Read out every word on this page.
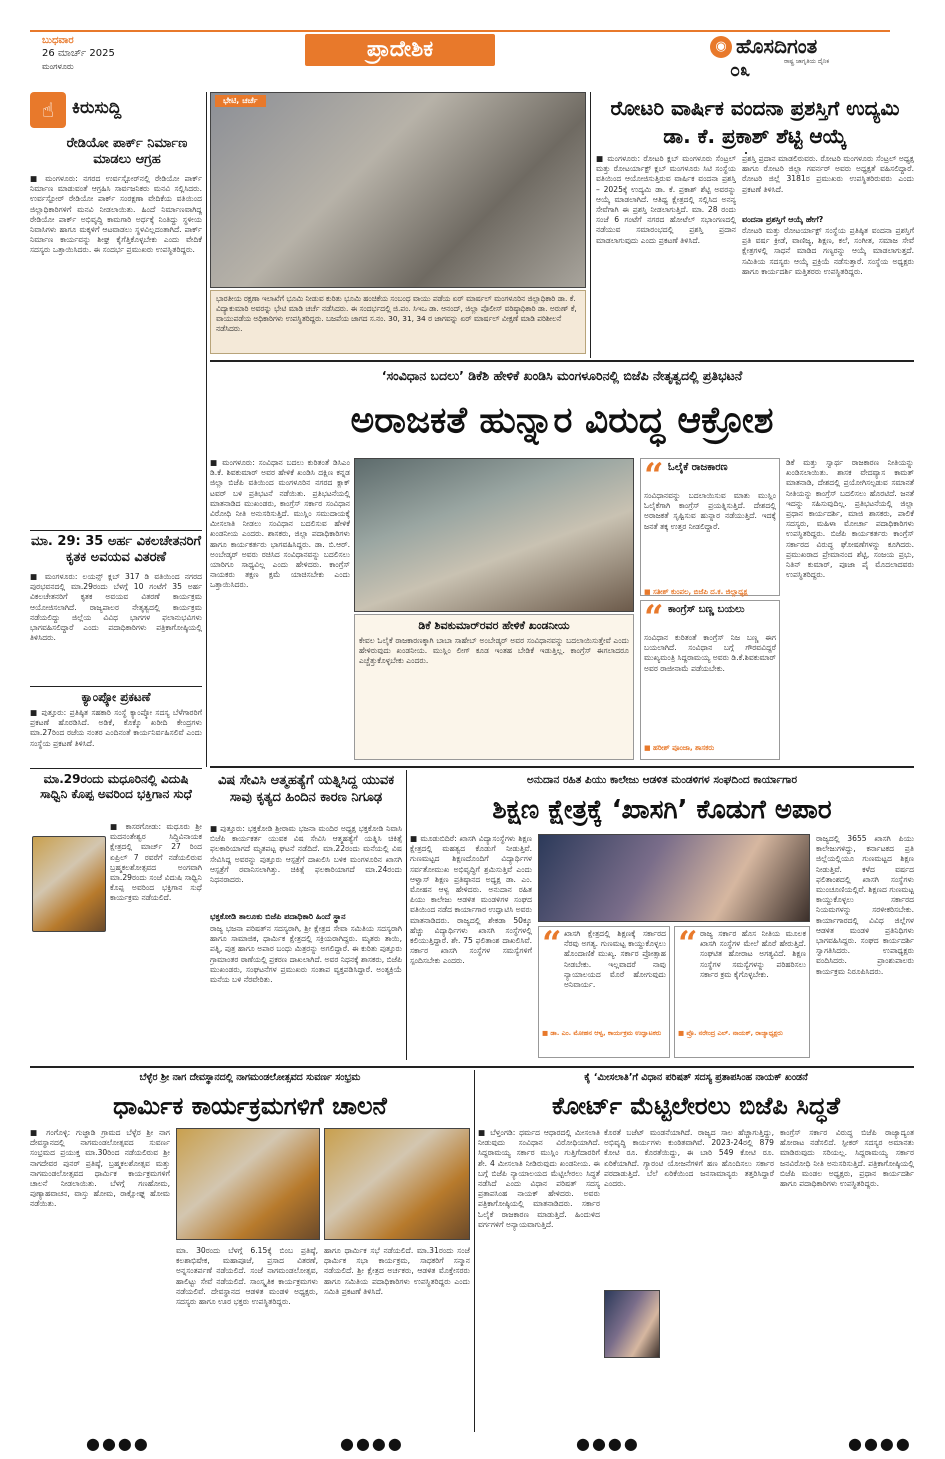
ಬುಧವಾರ
26 ಮಾರ್ಚ್ 2025
ಮಂಗಳೂರು
ಪ್ರಾದೇಶಿಕ	◉ ಹೊಸದಿಗಂತ
ರಾಷ್ಟ್ರ ಜಾಗೃತಿಯ ದೈನಿಕ
೦೩
☝	ಕಿರುಸುದ್ದಿ
ರೇಡಿಯೋ ಪಾರ್ಕ್ ನಿರ್ಮಾಣ ಮಾಡಲು ಆಗ್ರಹ
■ ಮಂಗಳೂರು: ನಗರದ ಉರ್ವಸ್ಟೋರ್‌ನಲ್ಲಿ ರೇಡಿಯೋ ಪಾರ್ಕ್ ನಿರ್ಮಾಣ ಮಾಡುವಂತೆ ಆಗ್ರಹಿಸಿ ಸಾರ್ವಜನಿಕರು ಮನವಿ ಸಲ್ಲಿಸಿದರು. ಉರ್ವಸ್ಟೋರ್ ರೇಡಿಯೋ ಪಾರ್ಕ್ ಸಂರಕ್ಷಣಾ ವೇದಿಕೆಯ ವತಿಯಿಂದ ಜಿಲ್ಲಾಧಿಕಾರಿಗಳಿಗೆ ಮನವಿ ನೀಡಲಾಯಿತು. ಹಿಂದೆ ನಿರ್ಮಾಣವಾಗಿದ್ದ ರೇಡಿಯೋ ಪಾರ್ಕ್ ಅಭಿವೃದ್ಧಿ ಕಾಮಗಾರಿ ಅರ್ಧಕ್ಕೆ ನಿಂತಿದ್ದು ಸ್ಥಳೀಯ ನಿವಾಸಿಗಳು ಹಾಗೂ ಮಕ್ಕಳಿಗೆ ಆಟವಾಡಲು ಸ್ಥಳವಿಲ್ಲದಂತಾಗಿದೆ. ಪಾರ್ಕ್ ನಿರ್ಮಾಣ ಕಾರ್ಯವನ್ನು ಶೀಘ್ರ ಕೈಗೆತ್ತಿಕೊಳ್ಳಬೇಕು ಎಂದು ವೇದಿಕೆ ಸದಸ್ಯರು ಒತ್ತಾಯಿಸಿದರು. ಈ ಸಂದರ್ಭ ಪ್ರಮುಖರು ಉಪಸ್ಥಿತರಿದ್ದರು.
ಮಾ. 29: 35 ಅರ್ಹ ವಿಕಲಚೇತನರಿಗೆ ಕೃತಕ ಅವಯವ ವಿತರಣೆ
■ ಮಂಗಳೂರು: ಲಯನ್ಸ್ ಕ್ಲಬ್ 317 ಡಿ ವತಿಯಿಂದ ನಗರದ ಪುರಭವನದಲ್ಲಿ ಮಾ.29ರಂದು ಬೆಳಗ್ಗೆ 10 ಗಂಟೆಗೆ 35 ಅರ್ಹ ವಿಕಲಚೇತನರಿಗೆ ಕೃತಕ ಅವಯವ ವಿತರಣೆ ಕಾರ್ಯಕ್ರಮ ಆಯೋಜಿಸಲಾಗಿದೆ. ರಾಜ್ಯಪಾಲರ ನೇತೃತ್ವದಲ್ಲಿ ಕಾರ್ಯಕ್ರಮ ನಡೆಯಲಿದ್ದು ಜಿಲ್ಲೆಯ ವಿವಿಧ ಭಾಗಗಳ ಫಲಾನುಭವಿಗಳು ಭಾಗವಹಿಸಲಿದ್ದಾರೆ ಎಂದು ಪದಾಧಿಕಾರಿಗಳು ಪತ್ರಿಕಾಗೋಷ್ಠಿಯಲ್ಲಿ ತಿಳಿಸಿದರು.
ಕ್ಯಾಂಪ್ಕೋ ಪ್ರಕಟಣೆ
■ ಪುತ್ತೂರು: ಪ್ರತಿಷ್ಠಿತ ಸಹಕಾರಿ ಸಂಸ್ಥೆ ಕ್ಯಾಂಪ್ಕೋ ಸದಸ್ಯ ಬೆಳೆಗಾರರಿಗೆ ಪ್ರಕಟಣೆ ಹೊರಡಿಸಿದೆ. ಅಡಿಕೆ, ಕೊಕ್ಕೊ ಖರೀದಿ ಕೇಂದ್ರಗಳು ಮಾ.27ರಿಂದ ರಜೆಯ ನಂತರ ಎಂದಿನಂತೆ ಕಾರ್ಯನಿರ್ವಹಿಸಲಿವೆ ಎಂದು ಸಂಸ್ಥೆಯ ಪ್ರಕಟಣೆ ತಿಳಿಸಿದೆ.
ಮಾ.29ರಂದು ಮಧೂರಿನಲ್ಲಿ ವಿದುಷಿ ಸಾಧ್ವಿನಿ ಕೊಪ್ಪ ಅವರಿಂದ ಭಕ್ತಿಗಾನ ಸುಧೆ
■ ಕಾಸರಗೋಡು: ಮಧೂರು ಶ್ರೀ ಮದನಂತೇಶ್ವರ ಸಿದ್ಧಿವಿನಾಯಕ ಕ್ಷೇತ್ರದಲ್ಲಿ ಮಾರ್ಚ್ 27 ರಿಂದ ಏಪ್ರಿಲ್ 7 ರವರೆಗೆ ನಡೆಯಲಿರುವ ಬ್ರಹ್ಮಕಲಶೋತ್ಸವದ ಅಂಗವಾಗಿ ಮಾ.29ರಂದು ಸಂಜೆ ವಿದುಷಿ ಸಾಧ್ವಿನಿ ಕೊಪ್ಪ ಅವರಿಂದ ಭಕ್ತಿಗಾನ ಸುಧೆ ಕಾರ್ಯಕ್ರಮ ನಡೆಯಲಿದೆ.
ಭೇಟಿ, ಚರ್ಚೆ
ಭಾರತೀಯ ರಕ್ಷಣಾ ಇಲಾಖೆಗೆ ಭೂಮಿ ನೀಡುವ ಕುರಿತು ಭೂಮಿ ಹಂಚಿಕೆಯ ಸಂಬಂಧ ವಾಯು ಪಡೆಯ ಏರ್ ಮಾರ್ಷಲ್ ಮಂಗಳೂರಿನ ಜಿಲ್ಲಾಧಿಕಾರಿ ಡಾ. ಕೆ. ವಿದ್ಯಾಕುಮಾರಿ ಅವರನ್ನು ಭೇಟಿ ಮಾಡಿ ಚರ್ಚೆ ನಡೆಸಿದರು. ಈ ಸಂದರ್ಭದಲ್ಲಿ ಜಿ.ಪಂ. ಸಿಇಒ ಡಾ. ಆನಂದ್, ಜಿಲ್ಲಾ ಪೊಲೀಸ್ ವರಿಷ್ಠಾಧಿಕಾರಿ ಡಾ. ಅರುಣ್ ಕೆ, ವಾಯುಪಡೆಯ ಅಧಿಕಾರಿಗಳು ಉಪಸ್ಥಿತರಿದ್ದರು. ಬಜಪೆಯ ಜಾಗದ ಸ.ನಂ. 30, 31, 34 ರ ಜಾಗವನ್ನು ಏರ್ ಮಾರ್ಷಲ್ ವೀಕ್ಷಣೆ ಮಾಡಿ ಪರಿಶೀಲನೆ ನಡೆಸಿದರು.
ರೋಟರಿ ವಾರ್ಷಿಕ ವಂದನಾ ಪ್ರಶಸ್ತಿಗೆ ಉದ್ಯಮಿ ಡಾ. ಕೆ. ಪ್ರಕಾಶ್ ಶೆಟ್ಟಿ ಆಯ್ಕೆ
■ ಮಂಗಳೂರು: ರೋಟರಿ ಕ್ಲಬ್ ಮಂಗಳೂರು ಸೆಂಟ್ರಲ್ ಮತ್ತು ರೋಟರ್ಯಾಕ್ಟ್ ಕ್ಲಬ್ ಮಂಗಳೂರು ಸಿಟಿ ಸಂಸ್ಥೆಯ ವತಿಯಿಂದ ಆಯೋಜಿಸುತ್ತಿರುವ ವಾರ್ಷಿಕ ವಂದನಾ ಪ್ರಶಸ್ತಿ – 2025ಕ್ಕೆ ಉದ್ಯಮಿ ಡಾ. ಕೆ. ಪ್ರಕಾಶ್ ಶೆಟ್ಟಿ ಅವರನ್ನು ಆಯ್ಕೆ ಮಾಡಲಾಗಿದೆ. ಆತಿಥ್ಯ ಕ್ಷೇತ್ರದಲ್ಲಿ ಸಲ್ಲಿಸಿದ ಅನನ್ಯ ಸೇವೆಗಾಗಿ ಈ ಪ್ರಶಸ್ತಿ ನೀಡಲಾಗುತ್ತಿದೆ. ಮಾ. 28 ರಂದು ಸಂಜೆ 6 ಗಂಟೆಗೆ ನಗರದ ಹೋಟೆಲ್ ಸಭಾಂಗಣದಲ್ಲಿ ನಡೆಯುವ ಸಮಾರಂಭದಲ್ಲಿ ಪ್ರಶಸ್ತಿ ಪ್ರದಾನ ಮಾಡಲಾಗುವುದು ಎಂದು ಪ್ರಕಟಣೆ ತಿಳಿಸಿದೆ.
ಪ್ರಶಸ್ತಿ ಪ್ರದಾನ ಮಾಡಲಿರುವರು. ರೋಟರಿ ಮಂಗಳೂರು ಸೆಂಟ್ರಲ್ ಅಧ್ಯಕ್ಷ ಹಾಗೂ ರೋಟರಿ ಜಿಲ್ಲಾ ಗವರ್ನರ್ ಅವರು ಅಧ್ಯಕ್ಷತೆ ವಹಿಸಲಿದ್ದಾರೆ. ರೋಟರಿ ಜಿಲ್ಲೆ 3181ರ ಪ್ರಮುಖರು ಉಪಸ್ಥಿತರಿರುವರು ಎಂದು ಪ್ರಕಟಣೆ ತಿಳಿಸಿದೆ.
ವಂದನಾ ಪ್ರಶಸ್ತಿಗೆ ಆಯ್ಕೆ ಹೇಗೆ?
ರೋಟರಿ ಮತ್ತು ರೋಟರ್ಯಾಕ್ಟ್ ಸಂಸ್ಥೆಯ ಪ್ರತಿಷ್ಠಿತ ವಂದನಾ ಪ್ರಶಸ್ತಿಗೆ ಪ್ರತಿ ವರ್ಷ ಕ್ರೀಡೆ, ವಾಣಿಜ್ಯ, ಶಿಕ್ಷಣ, ಕಲೆ, ಸಂಗೀತ, ಸಮಾಜ ಸೇವೆ ಕ್ಷೇತ್ರಗಳಲ್ಲಿ ಸಾಧನೆ ಮಾಡಿದ ಗಣ್ಯರನ್ನು ಆಯ್ಕೆ ಮಾಡಲಾಗುತ್ತದೆ. ಸಮಿತಿಯ ಸದಸ್ಯರು ಆಯ್ಕೆ ಪ್ರಕ್ರಿಯೆ ನಡೆಸುತ್ತಾರೆ. ಸಂಸ್ಥೆಯ ಅಧ್ಯಕ್ಷರು ಹಾಗೂ ಕಾರ್ಯದರ್ಶಿ ಮತ್ತಿತರರು ಉಪಸ್ಥಿತರಿದ್ದರು.
‘ಸಂವಿಧಾನ ಬದಲು’ ಡಿಕೆಶಿ ಹೇಳಿಕೆ ಖಂಡಿಸಿ ಮಂಗಳೂರಿನಲ್ಲಿ ಬಿಜೆಪಿ ನೇತೃತ್ವದಲ್ಲಿ ಪ್ರತಿಭಟನೆ
ಅರಾಜಕತೆ ಹುನ್ನಾರ ವಿರುದ್ಧ ಆಕ್ರೋಶ
■ ಮಂಗಳೂರು: ಸಂವಿಧಾನ ಬದಲು ಕುರಿತಂತೆ ಡಿಸಿಎಂ ಡಿ.ಕೆ. ಶಿವಕುಮಾರ್ ಅವರ ಹೇಳಿಕೆ ಖಂಡಿಸಿ ದಕ್ಷಿಣ ಕನ್ನಡ ಜಿಲ್ಲಾ ಬಿಜೆಪಿ ವತಿಯಿಂದ ಮಂಗಳೂರಿನ ನಗರದ ಕ್ಲಾಕ್ ಟವರ್ ಬಳಿ ಪ್ರತಿಭಟನೆ ನಡೆಯಿತು. ಪ್ರತಿಭಟನೆಯಲ್ಲಿ ಮಾತನಾಡಿದ ಮುಖಂಡರು, ಕಾಂಗ್ರೆಸ್ ಸರ್ಕಾರ ಸಂವಿಧಾನ ವಿರೋಧಿ ನೀತಿ ಅನುಸರಿಸುತ್ತಿದೆ. ಮುಸ್ಲಿಂ ಸಮುದಾಯಕ್ಕೆ ಮೀಸಲಾತಿ ನೀಡಲು ಸಂವಿಧಾನ ಬದಲಿಸುವ ಹೇಳಿಕೆ ಖಂಡನೀಯ ಎಂದರು. ಶಾಸಕರು, ಜಿಲ್ಲಾ ಪದಾಧಿಕಾರಿಗಳು ಹಾಗೂ ಕಾರ್ಯಕರ್ತರು ಭಾಗವಹಿಸಿದ್ದರು. ಡಾ. ಬಿ.ಆರ್. ಅಂಬೇಡ್ಕರ್ ಅವರು ರಚಿಸಿದ ಸಂವಿಧಾನವನ್ನು ಬದಲಿಸಲು ಯಾರಿಗೂ ಸಾಧ್ಯವಿಲ್ಲ ಎಂದು ಹೇಳಿದರು. ಕಾಂಗ್ರೆಸ್ ನಾಯಕರು ತಕ್ಷಣ ಕ್ಷಮೆ ಯಾಚಿಸಬೇಕು ಎಂದು ಒತ್ತಾಯಿಸಿದರು.
ಡಿಕೆ ಶಿವಕುಮಾರ್‌ರವರ ಹೇಳಿಕೆ ಖಂಡನೀಯ
ಕೇವಲ ಓಲೈಕೆ ರಾಜಕಾರಣಕ್ಕಾಗಿ ಬಾಬಾ ಸಾಹೇಬ್ ಅಂಬೇಡ್ಕರ್ ಅವರ ಸಂವಿಧಾನವನ್ನು ಬದಲಾಯಿಸುತ್ತೇವೆ ಎಂದು ಹೇಳಿರುವುದು ಖಂಡನೀಯ. ಮುಸ್ಲಿಂ ಲೀಗ್ ಕೂಡ ಇಂತಹ ಬೇಡಿಕೆ ಇಡುತ್ತಿಲ್ಲ. ಕಾಂಗ್ರೆಸ್ ಈಗಲಾದರೂ ಎಚ್ಚೆತ್ತುಕೊಳ್ಳಬೇಕು ಎಂದರು.
“ ಓಲೈಕೆ ರಾಜಕಾರಣ
ಸಂವಿಧಾನವನ್ನು ಬದಲಾಯಿಸುವ ಮಾತು ಮುಸ್ಲಿಂ ಓಲೈಕೆಗಾಗಿ ಕಾಂಗ್ರೆಸ್ ಪ್ರಯತ್ನಿಸುತ್ತಿದೆ. ದೇಶದಲ್ಲಿ ಅರಾಜಕತೆ ಸೃಷ್ಟಿಸುವ ಹುನ್ನಾರ ನಡೆಯುತ್ತಿದೆ. ಇದಕ್ಕೆ ಜನತೆ ತಕ್ಕ ಉತ್ತರ ನೀಡಲಿದ್ದಾರೆ.
■ ಸತೀಶ್ ಕುಂಪಲ, ಬಿಜೆಪಿ ದ.ಕ. ಜಿಲ್ಲಾಧ್ಯಕ್ಷ
“ ಕಾಂಗ್ರೆಸ್ ಬಣ್ಣ ಬಯಲು
ಸಂವಿಧಾನ ಕುರಿತಂತೆ ಕಾಂಗ್ರೆಸ್ ನಿಜ ಬಣ್ಣ ಈಗ ಬಯಲಾಗಿದೆ. ಸಂವಿಧಾನ ಬಗ್ಗೆ ಗೌರವವಿದ್ದರೆ ಮುಖ್ಯಮಂತ್ರಿ ಸಿದ್ದರಾಮಯ್ಯ ಅವರು ಡಿ.ಕೆ.ಶಿವಕುಮಾರ್ ಅವರ ರಾಜೀನಾಮೆ ಪಡೆಯಬೇಕು.
■ ಹರೀಶ್ ಪೂಂಜಾ, ಶಾಸಕರು
ಡಿಕೆ ಮತ್ತು ಸ್ವಾರ್ಥ ರಾಜಕಾರಣ ನೀತಿಯನ್ನು ಖಂಡಿಸಲಾಯಿತು. ಶಾಸಕ ವೇದವ್ಯಾಸ ಕಾಮತ್ ಮಾತನಾಡಿ, ದೇಶದಲ್ಲಿ ಪ್ರಯೋಗಿಸಲ್ಪಡುವ ಸಮಾನತೆ ನೀತಿಯನ್ನು ಕಾಂಗ್ರೆಸ್ ಬದಲಿಸಲು ಹೊರಟಿದೆ. ಜನತೆ ಇದನ್ನು ಸಹಿಸುವುದಿಲ್ಲ. ಪ್ರತಿಭಟನೆಯಲ್ಲಿ ಜಿಲ್ಲಾ ಪ್ರಧಾನ ಕಾರ್ಯದರ್ಶಿ, ಮಾಜಿ ಶಾಸಕರು, ಪಾಲಿಕೆ ಸದಸ್ಯರು, ಮಹಿಳಾ ಮೋರ್ಚಾ ಪದಾಧಿಕಾರಿಗಳು ಉಪಸ್ಥಿತರಿದ್ದರು. ಬಿಜೆಪಿ ಕಾರ್ಯಕರ್ತರು ಕಾಂಗ್ರೆಸ್ ಸರ್ಕಾರದ ವಿರುದ್ಧ ಘೋಷಣೆಗಳನ್ನು ಕೂಗಿದರು. ಪ್ರಮುಖರಾದ ಪ್ರೇಮಾನಂದ ಶೆಟ್ಟಿ, ಸಂಜಯ ಪ್ರಭು, ನಿತಿನ್ ಕುಮಾರ್, ಪೂಜಾ ಪೈ ಮೊದಲಾದವರು ಉಪಸ್ಥಿತರಿದ್ದರು.
ವಿಷ ಸೇವಿಸಿ ಆತ್ಮಹತ್ಯೆಗೆ ಯತ್ನಿಸಿದ್ದ ಯುವಕ ಸಾವು ಕೃತ್ಯದ ಹಿಂದಿನ ಕಾರಣ ನಿಗೂಢ
■ ಪುತ್ತೂರು: ಭಕ್ತಕೋಡಿ ಶ್ರೀರಾಮ ಭಜನಾ ಮಂದಿರ ಅಧ್ಯಕ್ಷ ಭಕ್ತಕೋಡಿ ನಿವಾಸಿ ಬಿಜೆಪಿ ಕಾರ್ಯಕರ್ತ ಯುವಕ ವಿಷ ಸೇವಿಸಿ ಆತ್ಮಹತ್ಯೆಗೆ ಯತ್ನಿಸಿ ಚಿಕಿತ್ಸೆ ಫಲಕಾರಿಯಾಗದೆ ಮೃತಪಟ್ಟ ಘಟನೆ ನಡೆದಿದೆ. ಮಾ.22ರಂದು ಮನೆಯಲ್ಲಿ ವಿಷ ಸೇವಿಸಿದ್ದ ಅವರನ್ನು ಪುತ್ತೂರು ಆಸ್ಪತ್ರೆಗೆ ದಾಖಲಿಸಿ ಬಳಿಕ ಮಂಗಳೂರಿನ ಖಾಸಗಿ ಆಸ್ಪತ್ರೆಗೆ ರವಾನಿಸಲಾಗಿತ್ತು. ಚಿಕಿತ್ಸೆ ಫಲಕಾರಿಯಾಗದೆ ಮಾ.24ರಂದು ನಿಧನರಾದರು.
ಭಕ್ತಕೋಡಿ ತಾಲೂಕು ಬಿಜೆಪಿ ಪದಾಧಿಕಾರಿ ಹಿಂದೆ ಸ್ಥಾನ
ರಾಜ್ಯ ಭಜನಾ ಪರಿಷತ್‌ನ ಸದಸ್ಯರಾಗಿ, ಶ್ರೀ ಕ್ಷೇತ್ರದ ಸೇವಾ ಸಮಿತಿಯ ಸದಸ್ಯರಾಗಿ ಹಾಗೂ ಸಾಮಾಜಿಕ, ಧಾರ್ಮಿಕ ಕ್ಷೇತ್ರದಲ್ಲಿ ಸಕ್ರಿಯರಾಗಿದ್ದರು. ಮೃತರು ತಾಯಿ, ಪತ್ನಿ, ಪುತ್ರ ಹಾಗೂ ಅಪಾರ ಬಂಧು ಮಿತ್ರರನ್ನು ಅಗಲಿದ್ದಾರೆ. ಈ ಕುರಿತು ಪುತ್ತೂರು ಗ್ರಾಮಾಂತರ ಠಾಣೆಯಲ್ಲಿ ಪ್ರಕರಣ ದಾಖಲಾಗಿದೆ. ಅವರ ನಿಧನಕ್ಕೆ ಶಾಸಕರು, ಬಿಜೆಪಿ ಮುಖಂಡರು, ಸಂಘಟನೆಗಳ ಪ್ರಮುಖರು ಸಂತಾಪ ವ್ಯಕ್ತಪಡಿಸಿದ್ದಾರೆ. ಅಂತ್ಯಕ್ರಿಯೆ ಮನೆಯ ಬಳಿ ನೆರವೇರಿತು.
ಅನುದಾನ ರಹಿತ ಪಿಯು ಕಾಲೇಜು ಆಡಳಿತ ಮಂಡಳಿಗಳ ಸಂಘದಿಂದ ಕಾರ್ಯಾಗಾರ
ಶಿಕ್ಷಣ ಕ್ಷೇತ್ರಕ್ಕೆ ‘ಖಾಸಗಿ’ ಕೊಡುಗೆ ಅಪಾರ
■ ಮೂಡುಬಿದಿರೆ: ಖಾಸಗಿ ವಿದ್ಯಾಸಂಸ್ಥೆಗಳು ಶಿಕ್ಷಣ ಕ್ಷೇತ್ರದಲ್ಲಿ ಮಹತ್ವದ ಕೊಡುಗೆ ನೀಡುತ್ತಿವೆ. ಗುಣಮಟ್ಟದ ಶಿಕ್ಷಣದೊಂದಿಗೆ ವಿದ್ಯಾರ್ಥಿಗಳ ಸರ್ವತೋಮುಖ ಅಭಿವೃದ್ಧಿಗೆ ಶ್ರಮಿಸುತ್ತಿವೆ ಎಂದು ಆಳ್ವಾಸ್ ಶಿಕ್ಷಣ ಪ್ರತಿಷ್ಠಾನದ ಅಧ್ಯಕ್ಷ ಡಾ. ಎಂ. ಮೋಹನ ಆಳ್ವ ಹೇಳಿದರು. ಅನುದಾನ ರಹಿತ ಪಿಯು ಕಾಲೇಜು ಆಡಳಿತ ಮಂಡಳಿಗಳ ಸಂಘದ ವತಿಯಿಂದ ನಡೆದ ಕಾರ್ಯಾಗಾರ ಉದ್ಘಾಟಿಸಿ ಅವರು ಮಾತನಾಡಿದರು. ರಾಜ್ಯದಲ್ಲಿ ಶೇಕಡಾ 50ಕ್ಕೂ ಹೆಚ್ಚು ವಿದ್ಯಾರ್ಥಿಗಳು ಖಾಸಗಿ ಸಂಸ್ಥೆಗಳಲ್ಲಿ ಕಲಿಯುತ್ತಿದ್ದಾರೆ. ಶೇ. 75 ಫಲಿತಾಂಶ ದಾಖಲಿಸಿವೆ. ಸರ್ಕಾರ ಖಾಸಗಿ ಸಂಸ್ಥೆಗಳ ಸಮಸ್ಯೆಗಳಿಗೆ ಸ್ಪಂದಿಸಬೇಕು ಎಂದರು.	“ ಖಾಸಗಿ ಕ್ಷೇತ್ರದಲ್ಲಿ ಶಿಕ್ಷಣಕ್ಕೆ ಸರ್ಕಾರದ ನೆರವು ಅಗತ್ಯ. ಗುಣಮಟ್ಟ ಕಾಯ್ದುಕೊಳ್ಳಲು ಹೊಂದಾಣಿಕೆ ಮುಖ್ಯ. ಸರ್ಕಾರ ಪ್ರೋತ್ಸಾಹ ನೀಡಬೇಕು. ಇಲ್ಲವಾದರೆ ನಾವು ನ್ಯಾಯಾಲಯದ ಮೊರೆ ಹೋಗುವುದು ಅನಿವಾರ್ಯ.
■ ಡಾ. ಎಂ. ಮೋಹನ ಆಳ್ವ, ಕಾರ್ಯಕ್ರಮ ಉದ್ಘಾಟಕರು
“ ರಾಜ್ಯ ಸರ್ಕಾರ ಹೊಸ ನೀತಿಯ ಮೂಲಕ ಖಾಸಗಿ ಸಂಸ್ಥೆಗಳ ಮೇಲೆ ಹೊರೆ ಹೇರುತ್ತಿದೆ. ಸಂಘಟಿತ ಹೋರಾಟ ಅಗತ್ಯವಿದೆ. ಶಿಕ್ಷಣ ಸಂಸ್ಥೆಗಳ ಸಮಸ್ಯೆಗಳನ್ನು ಪರಿಹರಿಸಲು ಸರ್ಕಾರ ಕ್ರಮ ಕೈಗೊಳ್ಳಬೇಕು.
■ ಪ್ರೊ. ನರೇಂದ್ರ ಎಲ್. ನಾಯಕ್, ರಾಜ್ಯಾಧ್ಯಕ್ಷರು
ರಾಜ್ಯದಲ್ಲಿ 3655 ಖಾಸಗಿ ಪಿಯು ಕಾಲೇಜುಗಳಿದ್ದು, ಕರ್ನಾಟಕದ ಪ್ರತಿ ಜಿಲ್ಲೆಯಲ್ಲಿಯೂ ಗುಣಮಟ್ಟದ ಶಿಕ್ಷಣ ನೀಡುತ್ತಿವೆ. ಕಳೆದ ವರ್ಷದ ಫಲಿತಾಂಶದಲ್ಲಿ ಖಾಸಗಿ ಸಂಸ್ಥೆಗಳು ಮುಂಚೂಣಿಯಲ್ಲಿವೆ. ಶಿಕ್ಷಣದ ಗುಣಮಟ್ಟ ಕಾಯ್ದುಕೊಳ್ಳಲು ಸರ್ಕಾರದ ನಿಯಮಗಳನ್ನು ಸರಳೀಕರಿಸಬೇಕು. ಕಾರ್ಯಾಗಾರದಲ್ಲಿ ವಿವಿಧ ಜಿಲ್ಲೆಗಳ ಆಡಳಿತ ಮಂಡಳಿ ಪ್ರತಿನಿಧಿಗಳು ಭಾಗವಹಿಸಿದ್ದರು. ಸಂಘದ ಕಾರ್ಯದರ್ಶಿ ಸ್ವಾಗತಿಸಿದರು. ಉಪಾಧ್ಯಕ್ಷರು ವಂದಿಸಿದರು. ಪ್ರಾಂಶುಪಾಲರು ಕಾರ್ಯಕ್ರಮ ನಿರೂಪಿಸಿದರು.
ಬೆಳ್ಳೆರ ಶ್ರೀ ನಾಗ ದೇವಸ್ಥಾನದಲ್ಲಿ ನಾಗಮಂಡಲೋತ್ಸವದ ಸುವರ್ಣ ಸಂಭ್ರಮ
ಧಾರ್ಮಿಕ ಕಾರ್ಯಕ್ರಮಗಳಿಗೆ ಚಾಲನೆ
■ ಗಂಗೊಳ್ಳಿ: ಗುಜ್ಜಾಡಿ ಗ್ರಾಮದ ಬೆಳ್ಳೆರ ಶ್ರೀ ನಾಗ ದೇವಸ್ಥಾನದಲ್ಲಿ ನಾಗಮಂಡಲೋತ್ಸವದ ಸುವರ್ಣ ಸಂಭ್ರಮದ ಪ್ರಯುಕ್ತ ಮಾ.30ರಿಂದ ನಡೆಯಲಿರುವ ಶ್ರೀ ನಾಗದೇವರ ಪುನರ್ ಪ್ರತಿಷ್ಠೆ, ಬ್ರಹ್ಮಕಲಶೋತ್ಸವ ಮತ್ತು ನಾಗಮಂಡಲೋತ್ಸವದ ಧಾರ್ಮಿಕ ಕಾರ್ಯಕ್ರಮಗಳಿಗೆ ಚಾಲನೆ ನೀಡಲಾಯಿತು. ಬೆಳಗ್ಗೆ ಗಣಹೋಮ, ಪುಣ್ಯಾಹವಾಚನ, ವಾಸ್ತು ಹೋಮ, ರಾಕ್ಷೋಘ್ನ ಹೋಮ ನಡೆಯಿತು.
ಮಾ. 30ರಂದು ಬೆಳಗ್ಗೆ 6.15ಕ್ಕೆ ಬಿಂಬ ಪ್ರತಿಷ್ಠೆ, ಕಲಶಾಭಿಷೇಕ, ಮಹಾಪೂಜೆ, ಪ್ರಸಾದ ವಿತರಣೆ, ಅನ್ನಸಂತರ್ಪಣೆ ನಡೆಯಲಿದೆ. ಸಂಜೆ ನಾಗಮಂಡಲೋತ್ಸವ, ಹಾಲಿಟ್ಟು ಸೇವೆ ನಡೆಯಲಿದೆ. ಸಾಂಸ್ಕೃತಿಕ ಕಾರ್ಯಕ್ರಮಗಳು ನಡೆಯಲಿವೆ. ದೇವಸ್ಥಾನದ ಆಡಳಿತ ಮಂಡಳಿ ಅಧ್ಯಕ್ಷರು, ಸದಸ್ಯರು ಹಾಗೂ ಊರ ಭಕ್ತರು ಉಪಸ್ಥಿತರಿದ್ದರು.
ಹಾಗೂ ಧಾರ್ಮಿಕ ಸಭೆ ನಡೆಯಲಿದೆ. ಮಾ.31ರಂದು ಸಂಜೆ ಧಾರ್ಮಿಕ ಸಭಾ ಕಾರ್ಯಕ್ರಮ, ಸಾಧಕರಿಗೆ ಸನ್ಮಾನ ನಡೆಯಲಿದೆ. ಶ್ರೀ ಕ್ಷೇತ್ರದ ಅರ್ಚಕರು, ಆಡಳಿತ ಮೊಕ್ತೇಸರರು ಹಾಗೂ ಸಮಿತಿಯ ಪದಾಧಿಕಾರಿಗಳು ಉಪಸ್ಥಿತರಿದ್ದರು ಎಂದು ಸಮಿತಿ ಪ್ರಕಟಣೆ ತಿಳಿಸಿದೆ.
ಕೈ ‘ಮೀಸಲಾತಿ’ಗೆ ವಿಧಾನ ಪರಿಷತ್ ಸದಸ್ಯ ಪ್ರತಾಪಸಿಂಹ ನಾಯಕ್ ಖಂಡನೆ
ಕೋರ್ಟ್ ಮೆಟ್ಟಿಲೇರಲು ಬಿಜೆಪಿ ಸಿದ್ಧತೆ
■ ಬೆಳ್ತಂಗಡಿ: ಧರ್ಮದ ಆಧಾರದಲ್ಲಿ ಮೀಸಲಾತಿ ನೀಡುವುದು ಸಂವಿಧಾನ ವಿರೋಧಿಯಾಗಿದೆ. ಸಿದ್ದರಾಮಯ್ಯ ಸರ್ಕಾರ ಮುಸ್ಲಿಂ ಗುತ್ತಿಗೆದಾರರಿಗೆ ಶೇ. 4 ಮೀಸಲಾತಿ ನೀಡಿರುವುದು ಖಂಡನೀಯ. ಈ ಬಗ್ಗೆ ಬಿಜೆಪಿ ನ್ಯಾಯಾಲಯದ ಮೆಟ್ಟಿಲೇರಲು ಸಿದ್ಧತೆ ನಡೆಸಿದೆ ಎಂದು ವಿಧಾನ ಪರಿಷತ್ ಸದಸ್ಯ ಪ್ರತಾಪಸಿಂಹ ನಾಯಕ್ ಹೇಳಿದರು. ಅವರು ಪತ್ರಿಕಾಗೋಷ್ಠಿಯಲ್ಲಿ ಮಾತನಾಡಿದರು. ಸರ್ಕಾರ ಓಲೈಕೆ ರಾಜಕಾರಣ ಮಾಡುತ್ತಿದೆ. ಹಿಂದುಳಿದ ವರ್ಗಗಳಿಗೆ ಅನ್ಯಾಯವಾಗುತ್ತಿದೆ.
ಕೊರತೆ ಬಜೆಟ್ ಮಂಡನೆಯಾಗಿದೆ. ರಾಜ್ಯದ ಸಾಲ ಹೆಚ್ಚಾಗುತ್ತಿದ್ದು, ಅಭಿವೃದ್ಧಿ ಕಾರ್ಯಗಳು ಕುಂಠಿತವಾಗಿವೆ. 2023-24ರಲ್ಲಿ 879 ಕೋಟಿ ರೂ. ಕೊರತೆಯಿದ್ದು, ಈ ಬಾರಿ 549 ಕೋಟಿ ರೂ. ಏರಿಕೆಯಾಗಿದೆ. ಗ್ಯಾರಂಟಿ ಯೋಜನೆಗಳಿಗೆ ಹಣ ಹೊಂದಿಸಲು ಸರ್ಕಾರ ಪರದಾಡುತ್ತಿದೆ. ಬೆಲೆ ಏರಿಕೆಯಿಂದ ಜನಸಾಮಾನ್ಯರು ತತ್ತರಿಸಿದ್ದಾರೆ ಎಂದರು.
ಕಾಂಗ್ರೆಸ್ ಸರ್ಕಾರ ವಿರುದ್ಧ ಬಿಜೆಪಿ ರಾಜ್ಯಾದ್ಯಂತ ಹೋರಾಟ ನಡೆಸಲಿದೆ. ಸ್ಪೀಕರ್ ಸದಸ್ಯರ ಅಮಾನತು ಮಾಡಿರುವುದು ಸರಿಯಲ್ಲ. ಸಿದ್ದರಾಮಯ್ಯ ಸರ್ಕಾರ ಜನವಿರೋಧಿ ನೀತಿ ಅನುಸರಿಸುತ್ತಿದೆ. ಪತ್ರಿಕಾಗೋಷ್ಠಿಯಲ್ಲಿ ಬಿಜೆಪಿ ಮಂಡಲ ಅಧ್ಯಕ್ಷರು, ಪ್ರಧಾನ ಕಾರ್ಯದರ್ಶಿ ಹಾಗೂ ಪದಾಧಿಕಾರಿಗಳು ಉಪಸ್ಥಿತರಿದ್ದರು.
●●●●	●●●●	●●●●	●●●●
